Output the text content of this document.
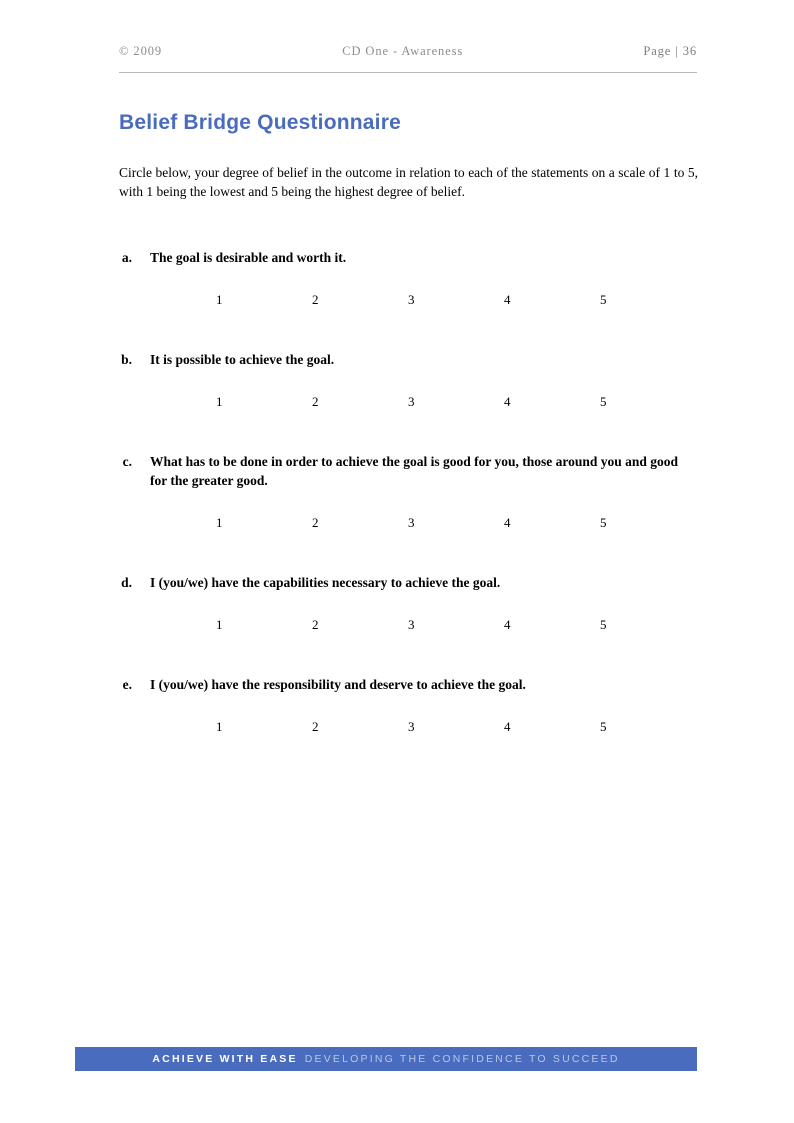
© 2009	CD One - Awareness	Page | 36
Belief Bridge Questionnaire
Circle below, your degree of belief in the outcome in relation to each of the statements on a scale of 1 to 5, with 1 being the lowest and 5 being the highest degree of belief.
a.	The goal is desirable and worth it.
1	2	3	4	5
b.	It is possible to achieve the goal.
1	2	3	4	5
c.	What has to be done in order to achieve the goal is good for you, those around you and good for the greater good.
1	2	3	4	5
d.	I (you/we) have the capabilities necessary to achieve the goal.
1	2	3	4	5
e.	I (you/we) have the responsibility and deserve to achieve the goal.
1	2	3	4	5
ACHIEVE WITH EASE DEVELOPING THE CONFIDENCE TO SUCCEED
